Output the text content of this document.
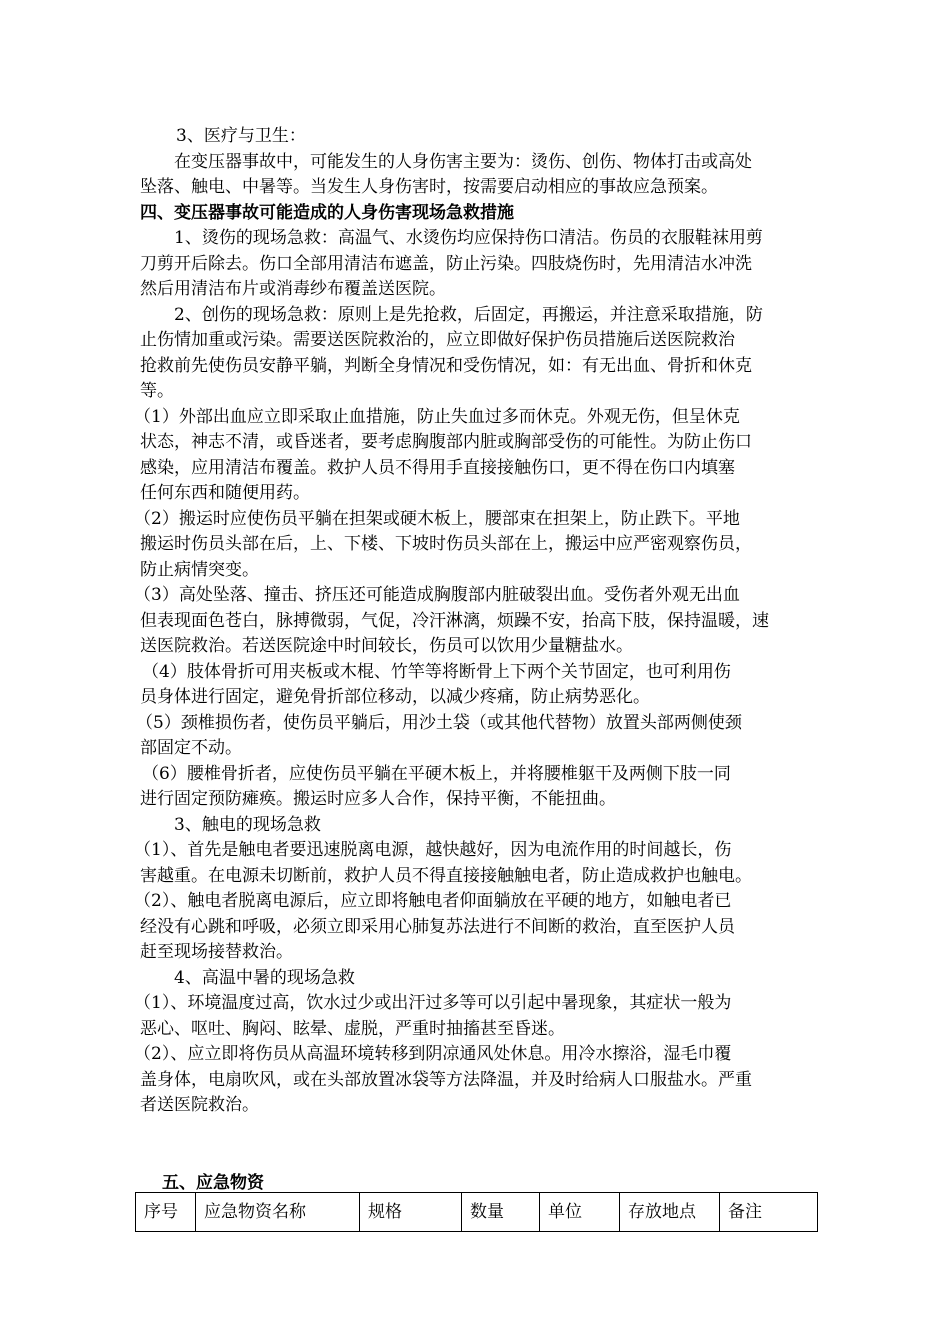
3、医疗与卫生：
在变压器事故中，可能发生的人身伤害主要为：烫伤、创伤、物体打击或高处
坠落、触电、中暑等。当发生人身伤害时，按需要启动相应的事故应急预案。
四、变压器事故可能造成的人身伤害现场急救措施
1、烫伤的现场急救：高温气、水烫伤均应保持伤口清洁。伤员的衣服鞋袜用剪
刀剪开后除去。伤口全部用清洁布遮盖，防止污染。四肢烧伤时，先用清洁水冲洗
然后用清洁布片或消毒纱布覆盖送医院。
2、创伤的现场急救：原则上是先抢救，后固定，再搬运，并注意采取措施，防
止伤情加重或污染。需要送医院救治的，应立即做好保护伤员措施后送医院救治
抢救前先使伤员安静平躺，判断全身情况和受伤情况，如：有无出血、骨折和休克
等。
（1）外部出血应立即采取止血措施，防止失血过多而休克。外观无伤，但呈休克
状态，神志不清，或昏迷者，要考虑胸腹部内脏或胸部受伤的可能性。为防止伤口
感染，应用清洁布覆盖。救护人员不得用手直接接触伤口，更不得在伤口内填塞
任何东西和随便用药。
（2）搬运时应使伤员平躺在担架或硬木板上，腰部束在担架上，防止跌下。平地
搬运时伤员头部在后，上、下楼、下坡时伤员头部在上，搬运中应严密观察伤员，
防止病情突变。
（3）高处坠落、撞击、挤压还可能造成胸腹部内脏破裂出血。受伤者外观无出血
但表现面色苍白，脉搏微弱，气促，冷汗淋漓，烦躁不安，抬高下肢，保持温暖，速
送医院救治。若送医院途中时间较长，伤员可以饮用少量糖盐水。
（4）肢体骨折可用夹板或木棍、竹竿等将断骨上下两个关节固定，也可利用伤
员身体进行固定，避免骨折部位移动，以减少疼痛，防止病势恶化。
（5）颈椎损伤者，使伤员平躺后，用沙土袋（或其他代替物）放置头部两侧使颈
部固定不动。
（6）腰椎骨折者，应使伤员平躺在平硬木板上，并将腰椎躯干及两侧下肢一同
进行固定预防瘫痪。搬运时应多人合作，保持平衡，不能扭曲。
3、触电的现场急救
（1）、首先是触电者要迅速脱离电源，越快越好，因为电流作用的时间越长，伤
害越重。在电源未切断前，救护人员不得直接接触触电者，防止造成救护也触电。
（2）、触电者脱离电源后，应立即将触电者仰面躺放在平硬的地方，如触电者已
经没有心跳和呼吸，必须立即采用心肺复苏法进行不间断的救治，直至医护人员
赶至现场接替救治。
4、高温中暑的现场急救
（1）、环境温度过高，饮水过少或出汗过多等可以引起中暑现象，其症状一般为
恶心、呕吐、胸闷、眩晕、虚脱，严重时抽搐甚至昏迷。
（2）、应立即将伤员从高温环境转移到阴凉通风处休息。用冷水擦浴，湿毛巾覆
盖身体，电扇吹风，或在头部放置冰袋等方法降温，并及时给病人口服盐水。严重
者送医院救治。
五、应急物资
序号	应急物资名称	规格	数量	单位	存放地点	备注
